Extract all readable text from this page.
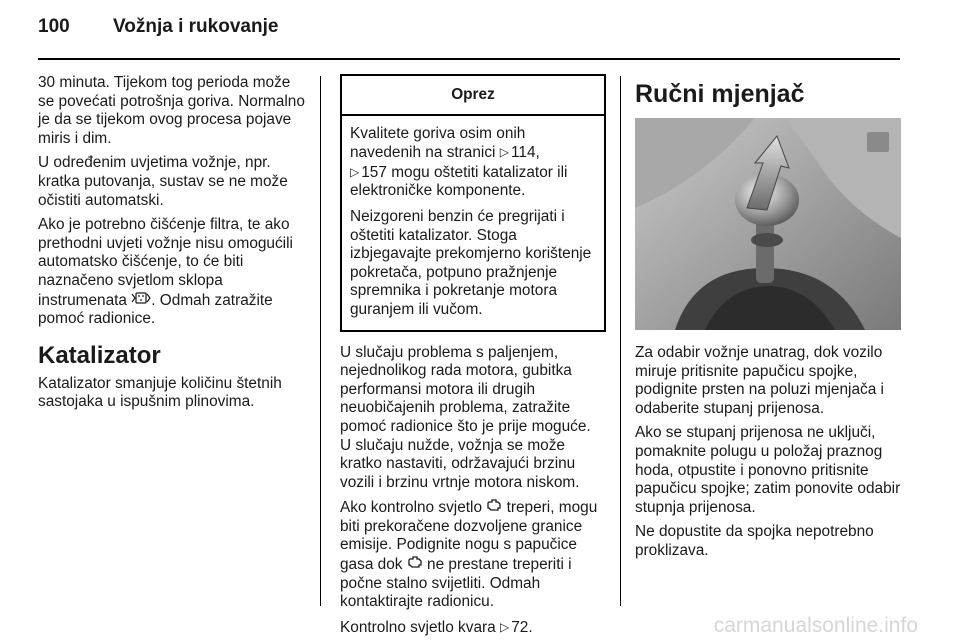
100 Vožnja i rukovanje

30 minuta. Tijekom tog perioda može se povećati potrošnja goriva. Normalno je da se tijekom ovog procesa pojave miris i dim.

U određenim uvjetima vožnje, npr. kratka putovanja, sustav se ne može očistiti automatski.

Ako je potrebno čišćenje filtra, te ako prethodni uvjeti vožnje nisu omogućili automatsko čišćenje, to će biti naznačeno svjetlom sklopa instrumenata . Odmah zatražite pomoć radionice.

Katalizator

Katalizator smanjuje količinu štetnih sastojaka u ispušnim plinovima.

Oprez

Kvalitete goriva osim onih navedenih na stranici ▷ 114,
▷ 157 mogu oštetiti katalizator ili elektroničke komponente.

Neizgoreni benzin će pregrijati i oštetiti katalizator. Stoga izbjegavajte prekomjerno korištenje pokretača, potpuno pražnjenje spremnika i pokretanje motora guranjem ili vučom.

U slučaju problema s paljenjem, nejednolikog rada motora, gubitka performansi motora ili drugih neuobičajenih problema, zatražite pomoć radionice što je prije moguće. U slučaju nužde, vožnja se može kratko nastaviti, održavajući brzinu vozili i brzinu vrtnje motora niskom.

Ako kontrolno svjetlo  treperi, mogu biti prekoračene dozvoljene granice emisije. Podignite nogu s papučice gasa dok  ne prestane treperiti i počne stalno svijetliti. Odmah kontaktirajte radionicu.

Kontrolno svjetlo kvara ▷ 72.

Ručni mjenjač

Za odabir vožnje unatrag, dok vozilo miruje pritisnite papučicu spojke, podignite prsten na poluzi mjenjača i odaberite stupanj prijenosa.

Ako se stupanj prijenosa ne uključi, pomaknite polugu u položaj praznog hoda, otpustite i ponovno pritisnite papučicu spojke; zatim ponovite odabir stupnja prijenosa.

Ne dopustite da spojka nepotrebno proklizava.

carmanualsonline.info
